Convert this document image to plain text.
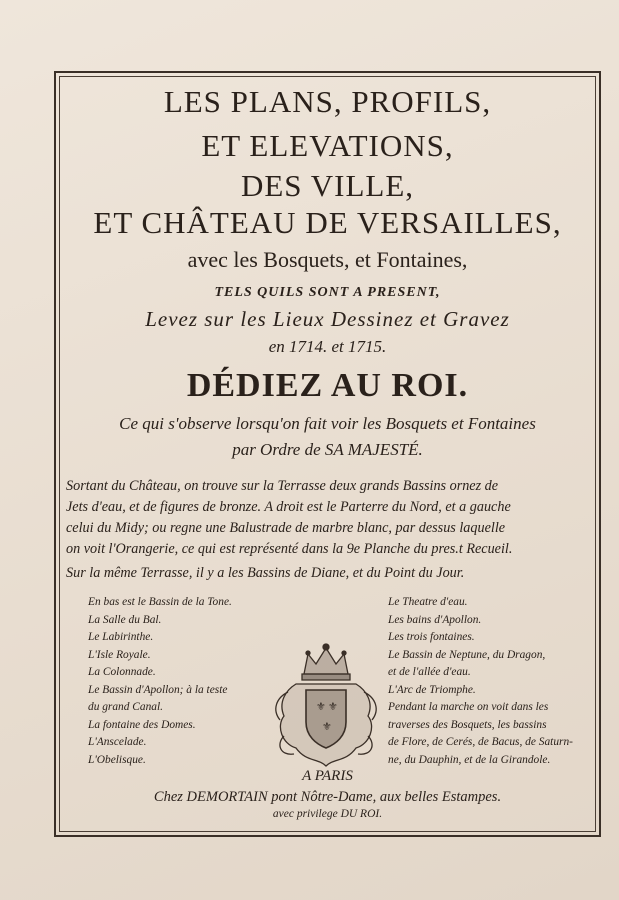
LES PLANS, PROFILS,
ET ELEVATIONS,
DES VILLE,
ET CHÂTEAU DE VERSAILLES,
avec les Bosquets, et Fontaines,
TELS QUILS SONT A PRESENT,
Levez sur les Lieux Dessinez et Gravez
en 1714. et 1715.
DÉDIEZ AU ROI.
Ce qui s'observe lorsqu'on fait voir les Bosquets et Fontaines
par Ordre de SA MAJESTÉ.
Sortant du Château, on trouve sur la Terrasse deux grands Bassins ornez de
Jets d'eau, et de figures de bronze. A droit est le Parterre du Nord, et a gauche
celui du Midy; ou regne une Balustrade de marbre blanc, par dessus laquelle
on voit l'Orangerie, ce qui est représenté dans la 9e Planche du pres.t Recueil.
Sur la même Terrasse, il y a les Bassins de Diane, et du Point du Jour.
En bas est le Bassin de la Tone.
La Salle du Bal.
Le Labirinthe.
L'Isle Royale.
La Colonnade.
Le Bassin d'Apollon; à la teste
du grand Canal.
La fontaine des Domes.
L'Anscelade.
L'Obelisque.
Le Theatre d'eau.
Les bains d'Apollon.
Les trois fontaines.
Le Bassin de Neptune, du Dragon,
et de l'allée d'eau.
L'Arc de Triomphe.
Pendant la marche on voit dans les
traverses des Bosquets, les bassins
de Flore, de Cerés, de Bacus, de Saturn-
ne, du Dauphin, et de la Girandole.
⚜ ⚜
⚜
A PARIS
Chez DEMORTAIN pont Nôtre-Dame, aux belles Estampes.
avec privilege DU ROI.
